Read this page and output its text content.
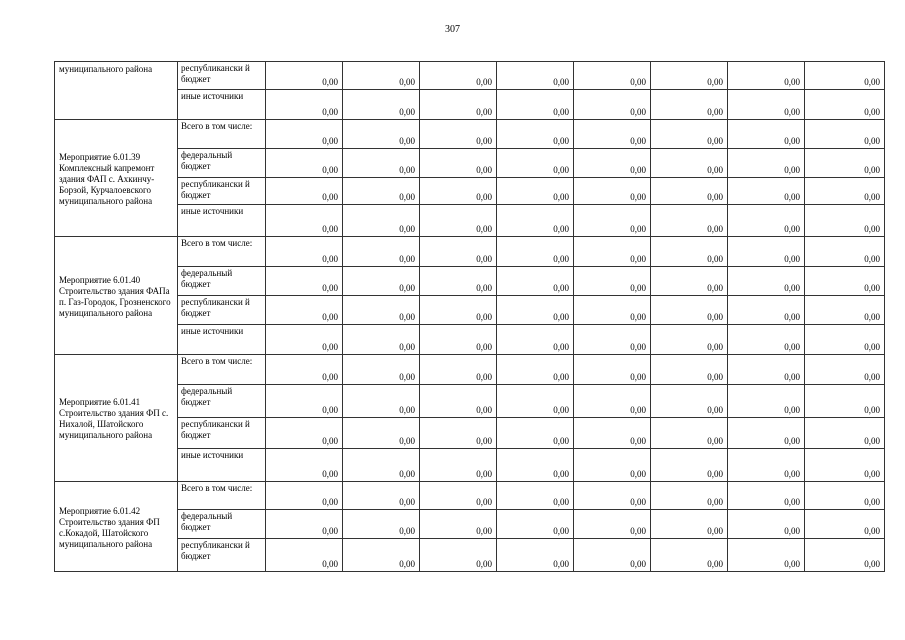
307
муниципального района	республикански й бюджет	0,00	0,00	0,00	0,00	0,00	0,00	0,00	0,00
	иные источники	0,00	0,00	0,00	0,00	0,00	0,00	0,00	0,00
Мероприятие 6.01.39 Комплексный капремонт здания ФАП с. Ахкинчу-Борзой, Курчалоевского муниципального района	Всего в том числе:	0,00	0,00	0,00	0,00	0,00	0,00	0,00	0,00
	федеральный бюджет	0,00	0,00	0,00	0,00	0,00	0,00	0,00	0,00
	республикански й бюджет	0,00	0,00	0,00	0,00	0,00	0,00	0,00	0,00
	иные источники	0,00	0,00	0,00	0,00	0,00	0,00	0,00	0,00
Мероприятие 6.01.40 Строительство здания ФАПа п. Газ-Городок, Грозненского муниципального района	Всего в том числе:	0,00	0,00	0,00	0,00	0,00	0,00	0,00	0,00
	федеральный бюджет	0,00	0,00	0,00	0,00	0,00	0,00	0,00	0,00
	республикански й бюджет	0,00	0,00	0,00	0,00	0,00	0,00	0,00	0,00
	иные источники	0,00	0,00	0,00	0,00	0,00	0,00	0,00	0,00
Мероприятие 6.01.41 Строительство здания ФП с. Нихалой, Шатойского муниципального района	Всего в том числе:	0,00	0,00	0,00	0,00	0,00	0,00	0,00	0,00
	федеральный бюджет	0,00	0,00	0,00	0,00	0,00	0,00	0,00	0,00
	республикански й бюджет	0,00	0,00	0,00	0,00	0,00	0,00	0,00	0,00
	иные источники	0,00	0,00	0,00	0,00	0,00	0,00	0,00	0,00
Мероприятие 6.01.42 Строительство здания ФП с.Кокадой, Шатойского муниципального района	Всего в том числе:	0,00	0,00	0,00	0,00	0,00	0,00	0,00	0,00
	федеральный бюджет	0,00	0,00	0,00	0,00	0,00	0,00	0,00	0,00
	республикански й бюджет	0,00	0,00	0,00	0,00	0,00	0,00	0,00	0,00
